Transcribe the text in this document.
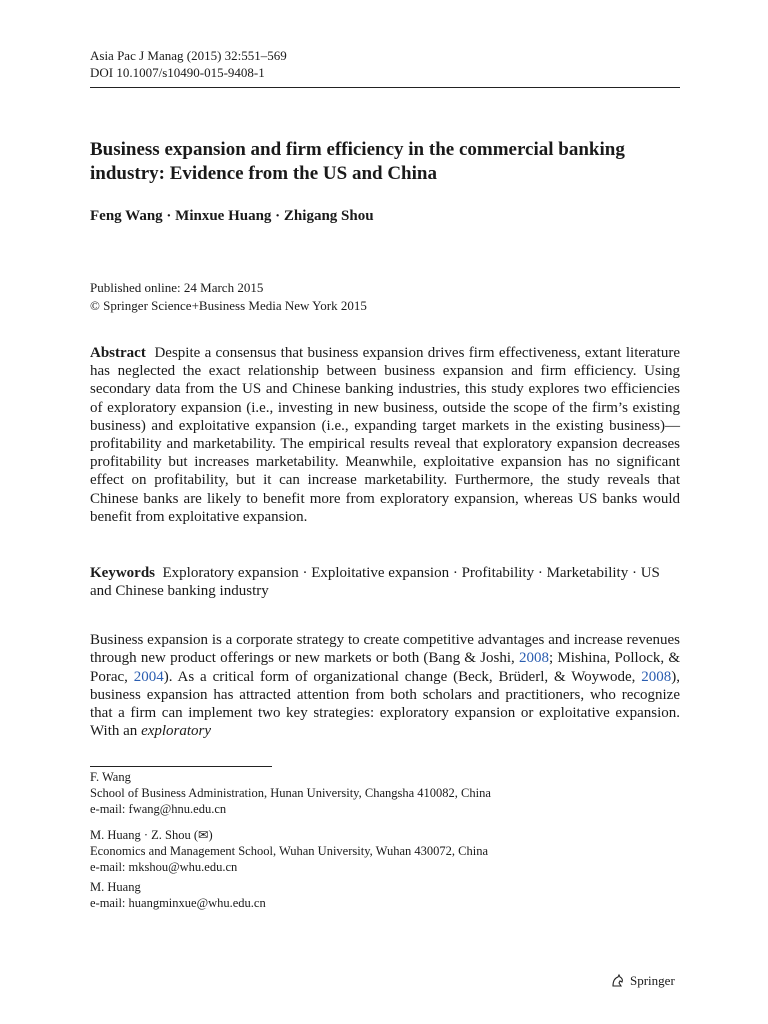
Asia Pac J Manag (2015) 32:551–569
DOI 10.1007/s10490-015-9408-1
Business expansion and firm efficiency in the commercial banking industry: Evidence from the US and China
Feng Wang · Minxue Huang · Zhigang Shou
Published online: 24 March 2015
© Springer Science+Business Media New York 2015
Abstract Despite a consensus that business expansion drives firm effectiveness, extant literature has neglected the exact relationship between business expansion and firm efficiency. Using secondary data from the US and Chinese banking industries, this study explores two efficiencies of exploratory expansion (i.e., investing in new business, outside the scope of the firm’s existing business) and exploitative expansion (i.e., expanding target markets in the existing business)—profitability and marketability. The empirical results reveal that exploratory expansion decreases profitability but increases marketability. Meanwhile, exploitative expansion has no significant effect on profitability, but it can increase marketability. Furthermore, the study reveals that Chinese banks are likely to benefit more from exploratory expansion, whereas US banks would benefit from exploitative expansion.
Keywords Exploratory expansion · Exploitative expansion · Profitability · Marketability · US and Chinese banking industry
Business expansion is a corporate strategy to create competitive advantages and increase revenues through new product offerings or new markets or both (Bang & Joshi, 2008; Mishina, Pollock, & Porac, 2004). As a critical form of organizational change (Beck, Brüderl, & Woywode, 2008), business expansion has attracted attention from both scholars and practitioners, who recognize that a firm can implement two key strategies: exploratory expansion or exploitative expansion. With an exploratory
F. Wang
School of Business Administration, Hunan University, Changsha 410082, China
e-mail: fwang@hnu.edu.cn
M. Huang · Z. Shou (✉)
Economics and Management School, Wuhan University, Wuhan 430072, China
e-mail: mkshou@whu.edu.cn
M. Huang
e-mail: huangminxue@whu.edu.cn
Springer
